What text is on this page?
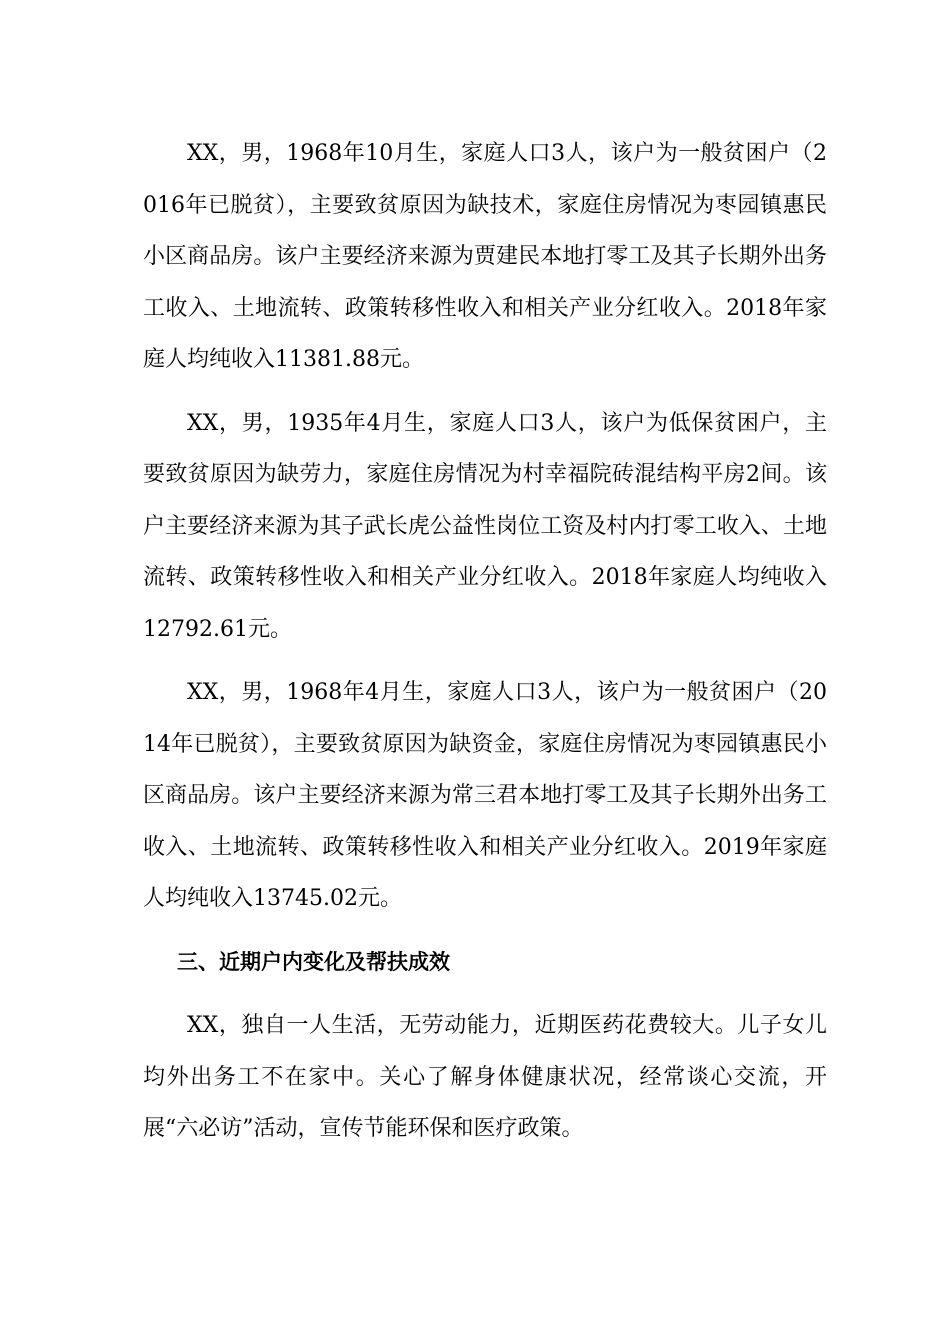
XX，男，1968年10月生，家庭人口3人，该户为一般贫困户（2016年已脱贫），主要致贫原因为缺技术，家庭住房情况为枣园镇惠民小区商品房。该户主要经济来源为贾建民本地打零工及其子长期外出务工收入、土地流转、政策转移性收入和相关产业分红收入。2018年家庭人均纯收入11381.88元。

XX，男，1935年4月生，家庭人口3人，该户为低保贫困户，主要致贫原因为缺劳力，家庭住房情况为村幸福院砖混结构平房2间。该户主要经济来源为其子武长虎公益性岗位工资及村内打零工收入、土地流转、政策转移性收入和相关产业分红收入。2018年家庭人均纯收入12792.61元。

XX，男，1968年4月生，家庭人口3人，该户为一般贫困户（2014年已脱贫），主要致贫原因为缺资金，家庭住房情况为枣园镇惠民小区商品房。该户主要经济来源为常三君本地打零工及其子长期外出务工收入、土地流转、政策转移性收入和相关产业分红收入。2019年家庭人均纯收入13745.02元。

三、近期户内变化及帮扶成效

XX，独自一人生活，无劳动能力，近期医药花费较大。儿子女儿均外出务工不在家中。关心了解身体健康状况，经常谈心交流，开展“六必访”活动，宣传节能环保和医疗政策。
